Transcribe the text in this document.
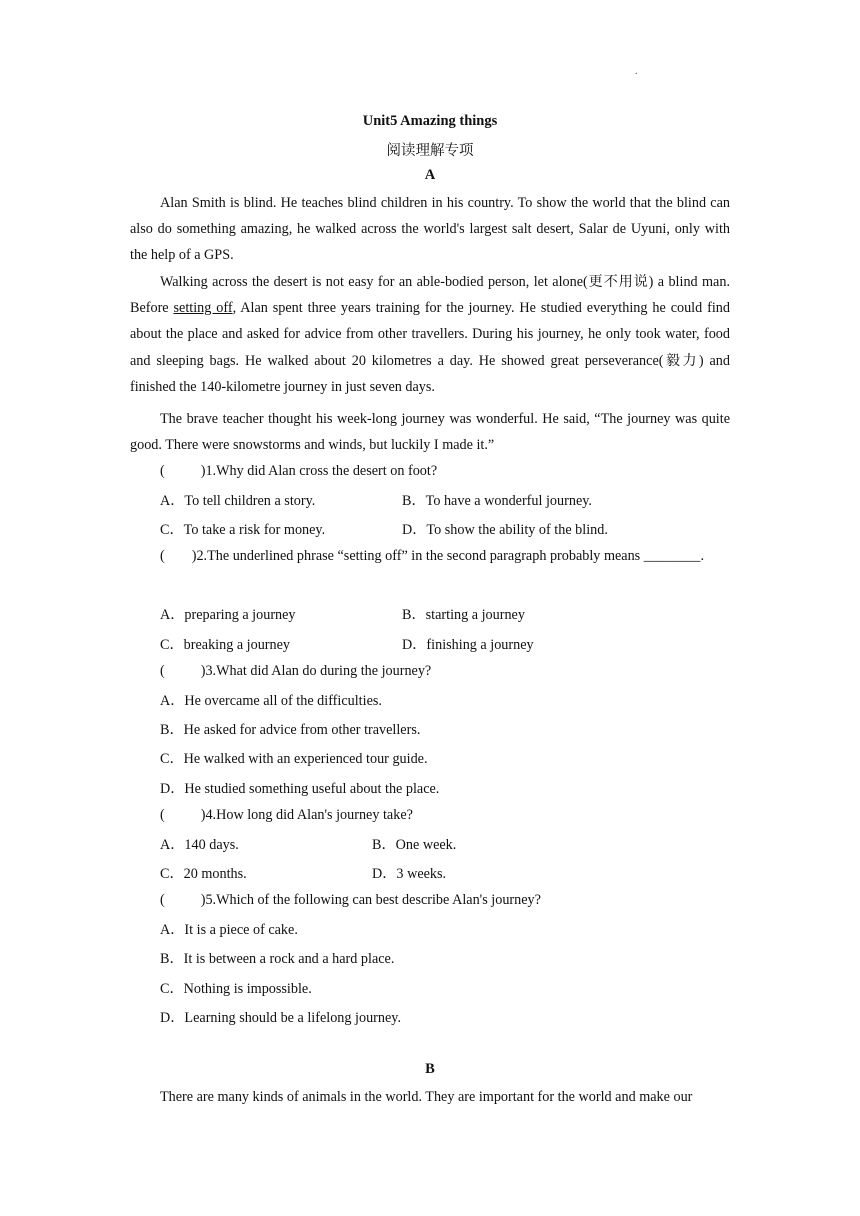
.
Unit5 Amazing things
阅读理解专项
A
Alan Smith is blind. He teaches blind children in his country. To show the world that the blind can also do something amazing, he walked across the world's largest salt desert, Salar de Uyuni, only with the help of a GPS.
Walking across the desert is not easy for an able-bodied person, let alone(更不用说) a blind man. Before setting off, Alan spent three years training for the journey. He studied everything he could find about the place and asked for advice from other travellers. During his journey, he only took water, food and sleeping bags. He walked about 20 kilometres a day. He showed great perseverance(毅力) and finished the 140-kilometre journey in just seven days.
The brave teacher thought his week-long journey was wonderful. He said, “The journey was quite good. There were snowstorms and winds, but luckily I made it.”
(	)1.Why did Alan cross the desert on foot?
A．To tell children a story.	B．To have a wonderful journey.
C．To take a risk for money.	D．To show the ability of the blind.
( )2.The underlined phrase “setting off” in the second paragraph probably means ________.
A．preparing a journey	B．starting a journey
C．breaking a journey	D．finishing a journey
(	)3.What did Alan do during the journey?
A．He overcame all of the difficulties.
B．He asked for advice from other travellers.
C．He walked with an experienced tour guide.
D．He studied something useful about the place.
(	)4.How long did Alan's journey take?
A．140 days.	B．One week.
C．20 months.	D．3 weeks.
(	)5.Which of the following can best describe Alan's journey?
A．It is a piece of cake.
B．It is between a rock and a hard place.
C．Nothing is impossible.
D．Learning should be a lifelong journey.
B
There are many kinds of animals in the world. They are important for the world and make our
